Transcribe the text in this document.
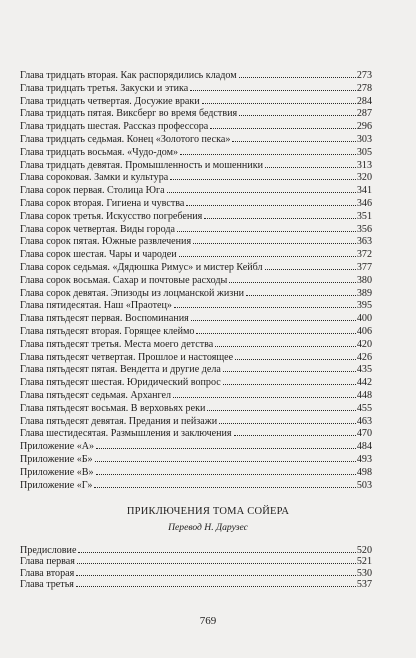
Глава тридцать вторая. Как распорядились кладом	273
Глава тридцать третья. Закуски и этика	278
Глава тридцать четвертая. Досужие враки	284
Глава тридцать пятая. Виксберг во время бедствия	287
Глава тридцать шестая. Рассказ профессора	296
Глава тридцать седьмая. Конец «Золотого песка»	303
Глава тридцать восьмая. «Чудо-дом»	305
Глава тридцать девятая. Промышленность и мошенники	313
Глава сороковая. Замки и культура	320
Глава сорок первая. Столица Юга	341
Глава сорок вторая. Гигиена и чувства	346
Глава сорок третья. Искусство погребения	351
Глава сорок четвертая. Виды города	356
Глава сорок пятая. Южные развлечения	363
Глава сорок шестая. Чары и чародеи	372
Глава сорок седьмая. «Дядюшка Римус» и мистер Кейбл	377
Глава сорок восьмая. Сахар и почтовые расходы	380
Глава сорок девятая. Эпизоды из лоцманской жизни	389
Глава пятидесятая. Наш «Праотец»	395
Глава пятьдесят первая. Воспоминания	400
Глава пятьдесят вторая. Горящее клеймо	406
Глава пятьдесят третья. Места моего детства	420
Глава пятьдесят четвертая. Прошлое и настоящее	426
Глава пятьдесят пятая. Вендетта и другие дела	435
Глава пятьдесят шестая. Юридический вопрос	442
Глава пятьдесят седьмая. Архангел	448
Глава пятьдесят восьмая. В верховьях реки	455
Глава пятьдесят девятая. Предания и пейзажи	463
Глава шестидесятая. Размышления и заключения	470
Приложение «А»	484
Приложение «Б»	493
Приложение «В»	498
Приложение «Г»	503
ПРИКЛЮЧЕНИЯ ТОМА СОЙЕРА
Перевод Н. Дарузес
Предисловие	520
Глава первая	521
Глава вторая	530
Глава третья	537
769
